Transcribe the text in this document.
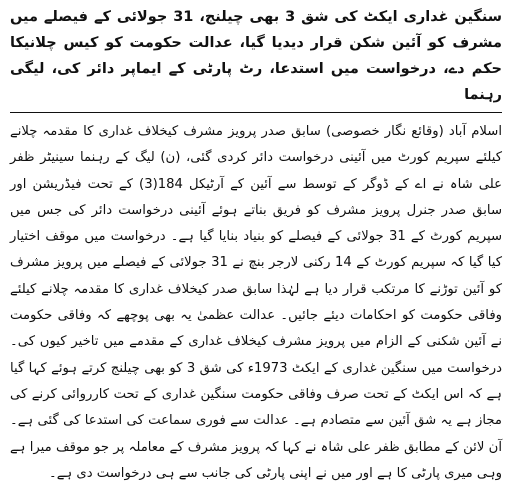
سنگین غداری ایکٹ کی شق 3 بھی چیلنج، 31 جولائی کے فیصلے میں مشرف کو آئین شکن قرار دیدیا گیا، عدالت حکومت کو کیس چلانیکا حکم دے، درخواست میں استدعا، رٹ پارٹی کے ایماپر دائر کی، لیگی رہنما

اسلام آباد (وقائع نگار خصوصی) سابق صدر پرویز مشرف کیخلاف غداری کا مقدمہ چلانے کیلئے سپریم کورٹ میں آئینی درخواست دائر کردی گئی، (ن) لیگ کے رہنما سینیٹر ظفر علی شاہ نے اے کے ڈوگر کے توسط سے آئین کے آرٹیکل 184(3) کے تحت فیڈریشن اور سابق صدر جنرل پرویز مشرف کو فریق بناتے ہوئے آئینی درخواست دائر کی جس میں سپریم کورٹ کے 31 جولائی کے فیصلے کو بنیاد بنایا گیا ہے۔ درخواست میں موقف اختیار کیا گیا کہ سپریم کورٹ کے 14 رکنی لارجر بنچ نے 31 جولائی کے فیصلے میں پرویز مشرف کو آئین توڑنے کا مرتکب قرار دیا ہے لہٰذا سابق صدر کیخلاف غداری کا مقدمہ چلانے کیلئے وفاقی حکومت کو احکامات دیئے جائیں۔ عدالت عظمیٰ یہ بھی پوچھے کہ وفاقی حکومت نے آئین شکنی کے الزام میں پرویز مشرف کیخلاف غداری کے مقدمے میں تاخیر کیوں کی۔ درخواست میں سنگین غداری کے ایکٹ 1973ء کی شق 3 کو بھی چیلنج کرتے ہوئے کہا گیا ہے کہ اس ایکٹ کے تحت صرف وفاقی حکومت سنگین غداری کے تحت کارروائی کرنے کی مجاز ہے یہ شق آئین سے متصادم ہے۔ عدالت سے فوری سماعت کی استدعا کی گئی ہے۔ آن لائن کے مطابق ظفر علی شاہ نے کہا کہ پرویز مشرف کے معاملہ پر جو موقف میرا ہے وہی میری پارٹی کا ہے اور میں نے اپنی پارٹی کی جانب سے ہی درخواست دی ہے۔
